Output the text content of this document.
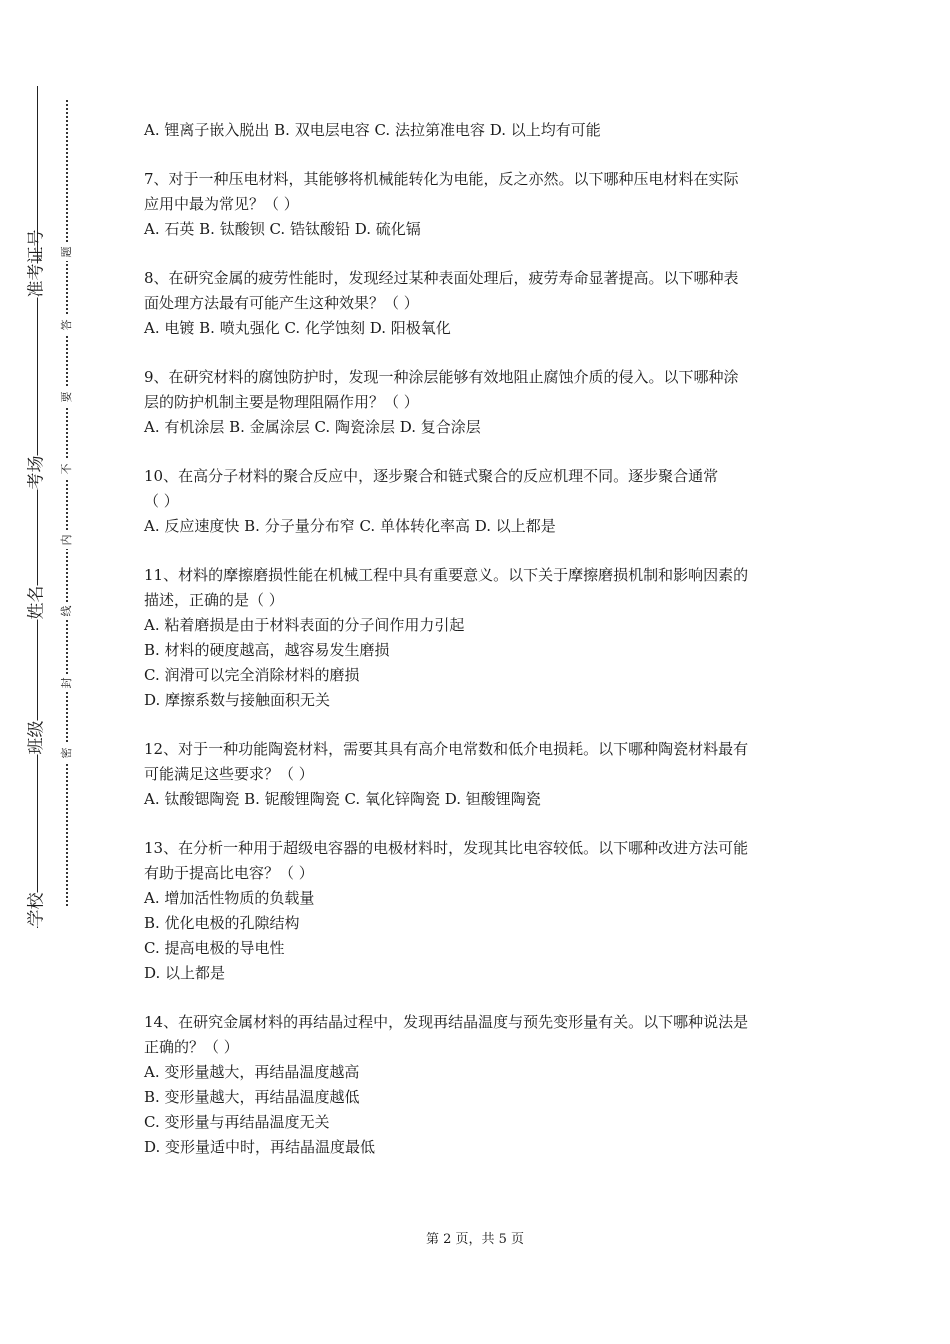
准考证号
考场
姓名
班级
学校
题
答
要
不
内
线
封
密
A. 锂离子嵌入脱出 B. 双电层电容 C. 法拉第准电容 D. 以上均有可能
7、对于一种压电材料，其能够将机械能转化为电能，反之亦然。以下哪种压电材料在实际
应用中最为常见？（ ）
A. 石英 B. 钛酸钡 C. 锆钛酸铅 D. 硫化镉
8、在研究金属的疲劳性能时，发现经过某种表面处理后，疲劳寿命显著提高。以下哪种表
面处理方法最有可能产生这种效果？（ ）
A. 电镀 B. 喷丸强化 C. 化学蚀刻 D. 阳极氧化
9、在研究材料的腐蚀防护时，发现一种涂层能够有效地阻止腐蚀介质的侵入。以下哪种涂
层的防护机制主要是物理阻隔作用？（ ）
A. 有机涂层 B. 金属涂层 C. 陶瓷涂层 D. 复合涂层
10、在高分子材料的聚合反应中，逐步聚合和链式聚合的反应机理不同。逐步聚合通常
（ ）
A. 反应速度快 B. 分子量分布窄 C. 单体转化率高 D. 以上都是
11、材料的摩擦磨损性能在机械工程中具有重要意义。以下关于摩擦磨损机制和影响因素的
描述，正确的是（ ）
A. 粘着磨损是由于材料表面的分子间作用力引起
B. 材料的硬度越高，越容易发生磨损
C. 润滑可以完全消除材料的磨损
D. 摩擦系数与接触面积无关
12、对于一种功能陶瓷材料，需要其具有高介电常数和低介电损耗。以下哪种陶瓷材料最有
可能满足这些要求？（ ）
A. 钛酸锶陶瓷 B. 铌酸锂陶瓷 C. 氧化锌陶瓷 D. 钽酸锂陶瓷
13、在分析一种用于超级电容器的电极材料时，发现其比电容较低。以下哪种改进方法可能
有助于提高比电容？（ ）
A. 增加活性物质的负载量
B. 优化电极的孔隙结构
C. 提高电极的导电性
D. 以上都是
14、在研究金属材料的再结晶过程中，发现再结晶温度与预先变形量有关。以下哪种说法是
正确的？（ ）
A. 变形量越大，再结晶温度越高
B. 变形量越大，再结晶温度越低
C. 变形量与再结晶温度无关
D. 变形量适中时，再结晶温度最低
第 2 页，共 5 页
